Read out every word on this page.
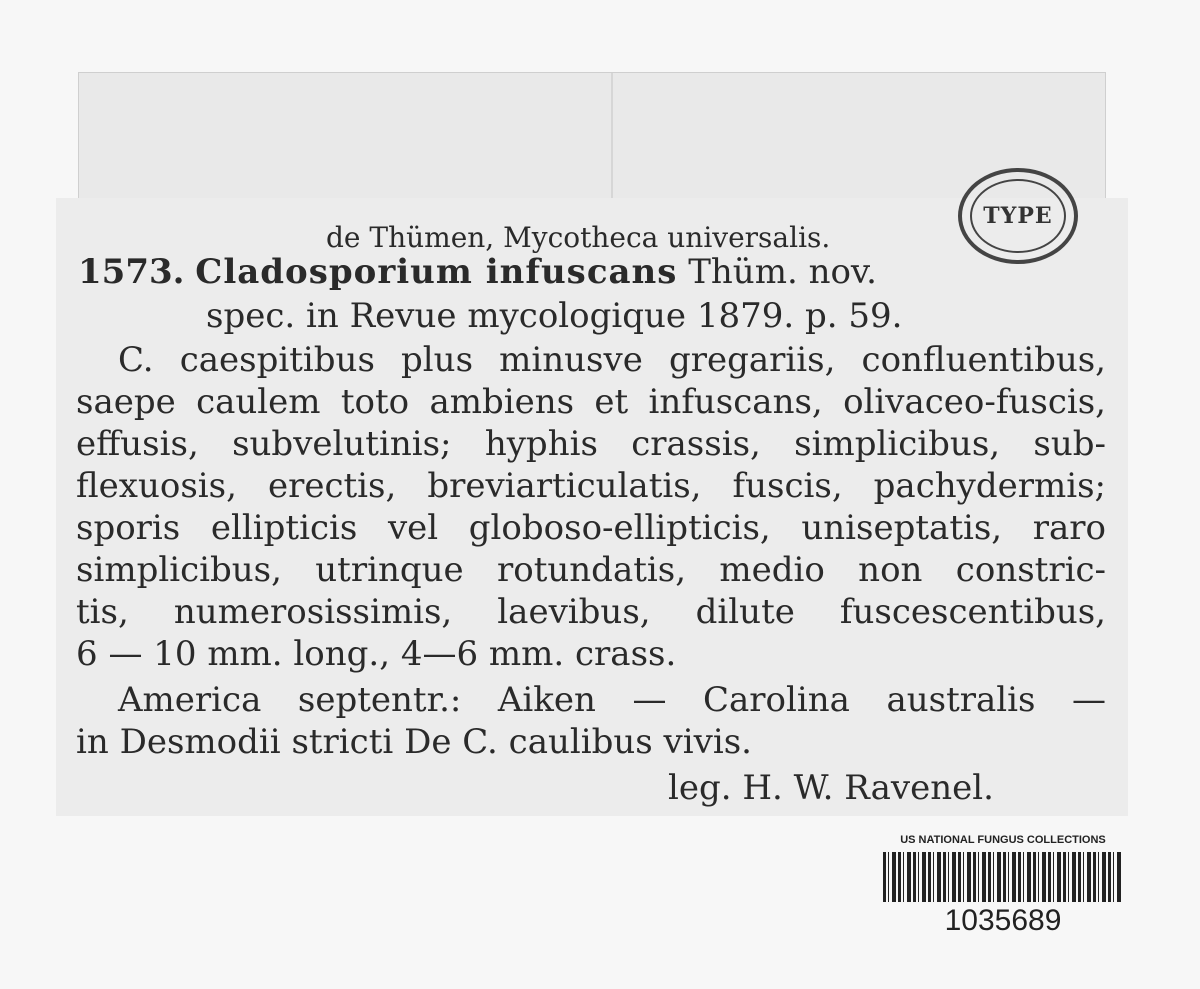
TYPE
de Thümen, Mycotheca universalis.
1573. Cladosporium infuscans Thüm. nov.
spec. in Revue mycologique 1879. p. 59.
C. caespitibus plus minusve gregariis, confluentibus,
saepe caulem toto ambiens et infuscans, olivaceo-fuscis,
effusis, subvelutinis; hyphis crassis, simplicibus, sub-
flexuosis, erectis, breviarticulatis, fuscis, pachydermis;
sporis ellipticis vel globoso-ellipticis, uniseptatis, raro
simplicibus, utrinque rotundatis, medio non constric-
tis, numerosissimis, laevibus, dilute fuscescentibus,
6 — 10 mm. long., 4—6 mm. crass.
America septentr.: Aiken — Carolina australis —
in Desmodii stricti De C. caulibus vivis.
leg. H. W. Ravenel.
US NATIONAL FUNGUS COLLECTIONS
1035689
